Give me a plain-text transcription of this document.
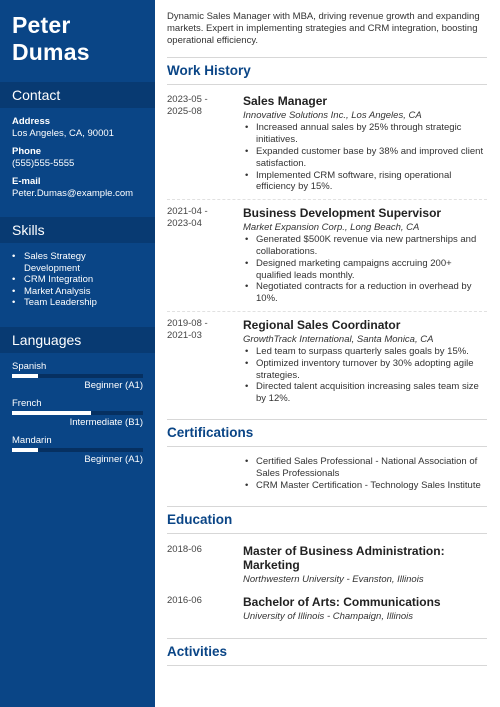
Peter
Dumas
Contact
Address
Los Angeles, CA, 90001
Phone
(555)555-5555
E-mail
Peter.Dumas@example.com
Skills
• Sales Strategy Development
• CRM Integration
• Market Analysis
• Team Leadership
Languages
Spanish
Beginner (A1)
French
Intermediate (B1)
Mandarin
Beginner (A1)
Dynamic Sales Manager with MBA, driving revenue growth and expanding markets. Expert in implementing strategies and CRM integration, boosting operational efficiency.
Work History
2023-05 -
2025-08
Sales Manager
Innovative Solutions Inc., Los Angeles, CA
• Increased annual sales by 25% through strategic initiatives.
• Expanded customer base by 38% and improved client satisfaction.
• Implemented CRM software, rising operational efficiency by 15%.
2021-04 -
2023-04
Business Development Supervisor
Market Expansion Corp., Long Beach, CA
• Generated $500K revenue via new partnerships and collaborations.
• Designed marketing campaigns accruing 200+ qualified leads monthly.
• Negotiated contracts for a reduction in overhead by 10%.
2019-08 -
2021-03
Regional Sales Coordinator
GrowthTrack International, Santa Monica, CA
• Led team to surpass quarterly sales goals by 15%.
• Optimized inventory turnover by 30% adopting agile strategies.
• Directed talent acquisition increasing sales team size by 12%.
Certifications
• Certified Sales Professional - National Association of Sales Professionals
• CRM Master Certification - Technology Sales Institute
Education
2018-06	Master of Business Administration: Marketing
Northwestern University - Evanston, Illinois
2016-06	Bachelor of Arts: Communications
University of Illinois - Champaign, Illinois
Activities
